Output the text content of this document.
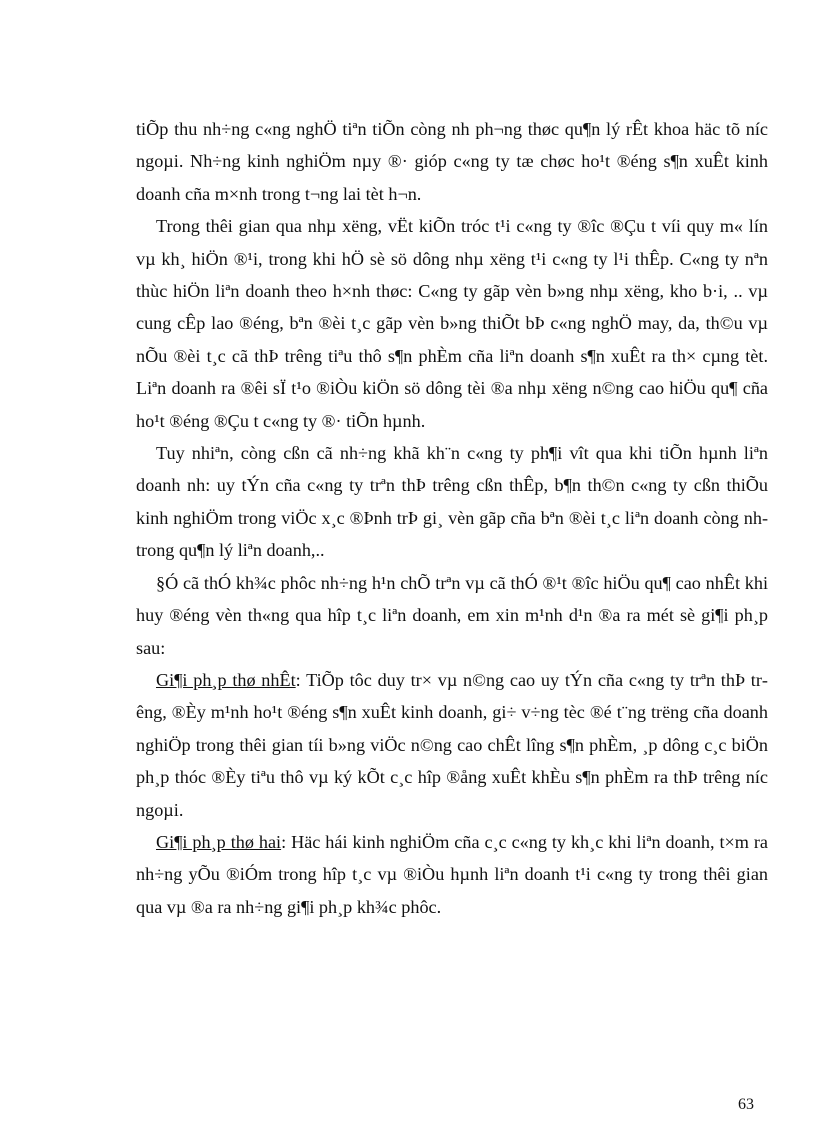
tiÕp thu nh÷ng c«ng nghÖ tiªn tiÕn còng nh ph¬ng thøc qu¶n lý rÊt khoa häc tõ níc ngoµi. Nh÷ng kinh nghiÖm nµy ®· gióp c«ng ty tæ chøc ho¹t ®éng s¶n xuÊt kinh doanh cña m×nh trong t¬ng lai tèt h¬n.

Trong thêi gian qua nhµ xëng, vËt kiÕn tróc t¹i c«ng ty ®îc ®Çu t víi quy m« lín vµ kh¸ hiÖn ®¹i, trong khi hÖ sè sö dông nhµ xëng t¹i c«ng ty l¹i thÊp. C«ng ty nªn thùc hiÖn liªn doanh theo h×nh thøc: C«ng ty gãp vèn b»ng nhµ xëng, kho b·i, .. vµ cung cÊp lao ®éng, bªn ®èi t¸c gãp vèn b»ng thiÕt bÞ c«ng nghÖ may, da, th©u vµ nÕu ®èi t¸c cã thÞ trêng tiªu thô s¶n phÈm cña liªn doanh s¶n xuÊt ra th× cµng tèt. Liªn doanh ra ®êi sÏ t¹o ®iÒu kiÖn sö dông tèi ®a nhµ xëng n©ng cao hiÖu qu¶ cña ho¹t ®éng ®Çu t c«ng ty ®· tiÕn hµnh.

Tuy nhiªn, còng cßn cã nh÷ng khã kh¨n c«ng ty ph¶i vît qua khi tiÕn hµnh liªn doanh nh: uy tÝn cña c«ng ty trªn thÞ trêng cßn thÊp, b¶n th©n c«ng ty cßn thiÕu kinh nghiÖm trong viÖc x¸c ®Þnh trÞ gi¸ vèn gãp cña bªn ®èi t¸c liªn doanh còng nh trong qu¶n lý liªn doanh,..

§Ó cã thÓ kh¾c phôc nh÷ng h¹n chÕ trªn vµ cã thÓ ®¹t ®îc hiÖu qu¶ cao nhÊt khi huy ®éng vèn th«ng qua hîp t¸c liªn doanh, em xin m¹nh d¹n ®a ra mét sè gi¶i ph¸p sau:

Gi¶i ph¸p thø nhÊt: TiÕp tôc duy tr× vµ n©ng cao uy tÝn cña c«ng ty trªn thÞ trêng, ®Èy m¹nh ho¹t ®éng s¶n xuÊt kinh doanh, gi÷ v÷ng tèc ®é t¨ng trëng cña doanh nghiÖp trong thêi gian tíi b»ng viÖc n©ng cao chÊt lîng s¶n phÈm, ¸p dông c¸c biÖn ph¸p thóc ®Èy tiªu thô vµ ký kÕt c¸c hîp ®ång xuÊt khÈu s¶n phÈm ra thÞ trêng níc ngoµi.

Gi¶i ph¸p thø hai: Häc hái kinh nghiÖm cña c¸c c«ng ty kh¸c khi liªn doanh, t×m ra nh÷ng yÕu ®iÓm trong hîp t¸c vµ ®iÒu hµnh liªn doanh t¹i c«ng ty trong thêi gian qua vµ ®a ra nh÷ng gi¶i ph¸p kh¾c phôc.

63
